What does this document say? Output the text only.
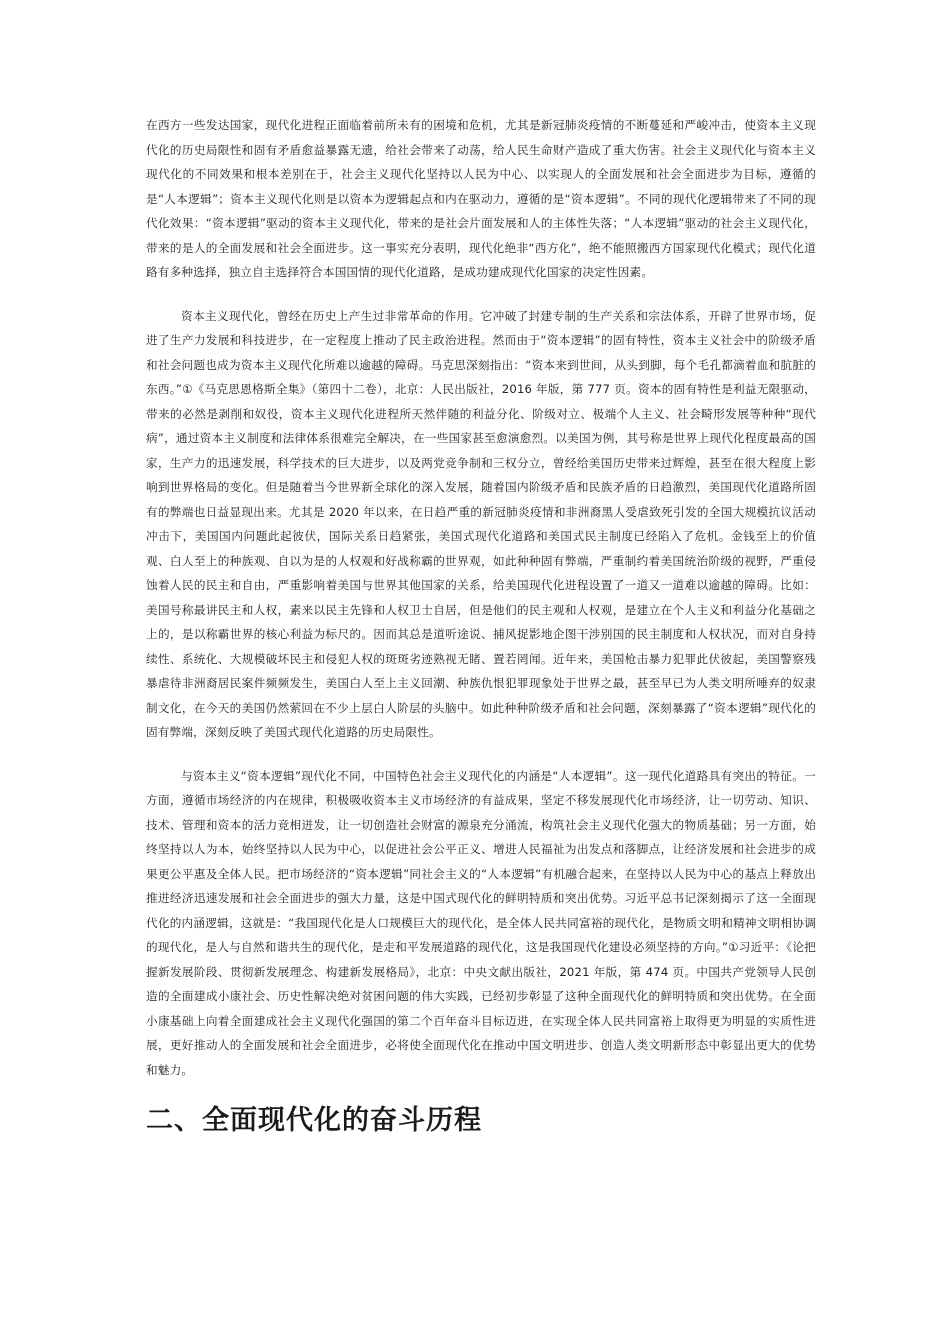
在西方一些发达国家，现代化进程正面临着前所未有的困境和危机，尤其是新冠肺炎疫情的不断蔓延和严峻冲击，使资本主义现代化的历史局限性和固有矛盾愈益暴露无遗，给社会带来了动荡，给人民生命财产造成了重大伤害。社会主义现代化与资本主义现代化的不同效果和根本差别在于，社会主义现代化坚持以人民为中心、以实现人的全面发展和社会全面进步为目标，遵循的是“人本逻辑”；资本主义现代化则是以资本为逻辑起点和内在驱动力，遵循的是“资本逻辑”。不同的现代化逻辑带来了不同的现代化效果：“资本逻辑”驱动的资本主义现代化，带来的是社会片面发展和人的主体性失落；“人本逻辑”驱动的社会主义现代化，带来的是人的全面发展和社会全面进步。这一事实充分表明，现代化绝非“西方化”，绝不能照搬西方国家现代化模式；现代化道路有多种选择，独立自主选择符合本国国情的现代化道路，是成功建成现代化国家的决定性因素。

资本主义现代化，曾经在历史上产生过非常革命的作用。它冲破了封建专制的生产关系和宗法体系，开辟了世界市场，促进了生产力发展和科技进步，在一定程度上推动了民主政治进程。然而由于“资本逻辑”的固有特性，资本主义社会中的阶级矛盾和社会问题也成为资本主义现代化所难以逾越的障碍。马克思深刻指出：“资本来到世间，从头到脚，每个毛孔都滴着血和肮脏的东西。”①《马克思恩格斯全集》（第四十二卷），北京：人民出版社，2016 年版，第 777 页。资本的固有特性是利益无限驱动，带来的必然是剥削和奴役，资本主义现代化进程所天然伴随的利益分化、阶级对立、极端个人主义、社会畸形发展等种种“现代病”，通过资本主义制度和法律体系很难完全解决，在一些国家甚至愈演愈烈。以美国为例，其号称是世界上现代化程度最高的国家，生产力的迅速发展，科学技术的巨大进步，以及两党竞争制和三权分立，曾经给美国历史带来过辉煌，甚至在很大程度上影响到世界格局的变化。但是随着当今世界新全球化的深入发展，随着国内阶级矛盾和民族矛盾的日趋激烈，美国现代化道路所固有的弊端也日益显现出来。尤其是 2020 年以来，在日趋严重的新冠肺炎疫情和非洲裔黑人受虐致死引发的全国大规模抗议活动冲击下，美国国内问题此起彼伏，国际关系日趋紧张，美国式现代化道路和美国式民主制度已经陷入了危机。金钱至上的价值观、白人至上的种族观、自以为是的人权观和好战称霸的世界观，如此种种固有弊端，严重制约着美国统治阶级的视野，严重侵蚀着人民的民主和自由，严重影响着美国与世界其他国家的关系，给美国现代化进程设置了一道又一道难以逾越的障碍。比如：美国号称最讲民主和人权，素来以民主先锋和人权卫士自居，但是他们的民主观和人权观，是建立在个人主义和利益分化基础之上的，是以称霸世界的核心利益为标尺的。因而其总是道听途说、捕风捉影地企图干涉别国的民主制度和人权状况，而对自身持续性、系统化、大规模破坏民主和侵犯人权的斑斑劣迹熟视无睹、置若罔闻。近年来，美国枪击暴力犯罪此伏彼起，美国警察残暴虐待非洲裔居民案件频频发生，美国白人至上主义回潮、种族仇恨犯罪现象处于世界之最，甚至早已为人类文明所唾弃的奴隶制文化，在今天的美国仍然萦回在不少上层白人阶层的头脑中。如此种种阶级矛盾和社会问题，深刻暴露了“资本逻辑”现代化的固有弊端，深刻反映了美国式现代化道路的历史局限性。

与资本主义“资本逻辑”现代化不同，中国特色社会主义现代化的内涵是“人本逻辑”。这一现代化道路具有突出的特征。一方面，遵循市场经济的内在规律，积极吸收资本主义市场经济的有益成果，坚定不移发展现代化市场经济，让一切劳动、知识、技术、管理和资本的活力竞相迸发，让一切创造社会财富的源泉充分涌流，构筑社会主义现代化强大的物质基础；另一方面，始终坚持以人为本，始终坚持以人民为中心，以促进社会公平正义、增进人民福祉为出发点和落脚点，让经济发展和社会进步的成果更公平惠及全体人民。把市场经济的“资本逻辑”同社会主义的“人本逻辑”有机融合起来，在坚持以人民为中心的基点上释放出推进经济迅速发展和社会全面进步的强大力量，这是中国式现代化的鲜明特质和突出优势。习近平总书记深刻揭示了这一全面现代化的内涵逻辑，这就是：“我国现代化是人口规模巨大的现代化，是全体人民共同富裕的现代化，是物质文明和精神文明相协调的现代化，是人与自然和谐共生的现代化，是走和平发展道路的现代化，这是我国现代化建设必须坚持的方向。”①习近平：《论把握新发展阶段、贯彻新发展理念、构建新发展格局》，北京：中央文献出版社，2021 年版，第 474 页。中国共产党领导人民创造的全面建成小康社会、历史性解决绝对贫困问题的伟大实践，已经初步彰显了这种全面现代化的鲜明特质和突出优势。在全面小康基础上向着全面建成社会主义现代化强国的第二个百年奋斗目标迈进，在实现全体人民共同富裕上取得更为明显的实质性进展，更好推动人的全面发展和社会全面进步，必将使全面现代化在推动中国文明进步、创造人类文明新形态中彰显出更大的优势和魅力。

二、全面现代化的奋斗历程
